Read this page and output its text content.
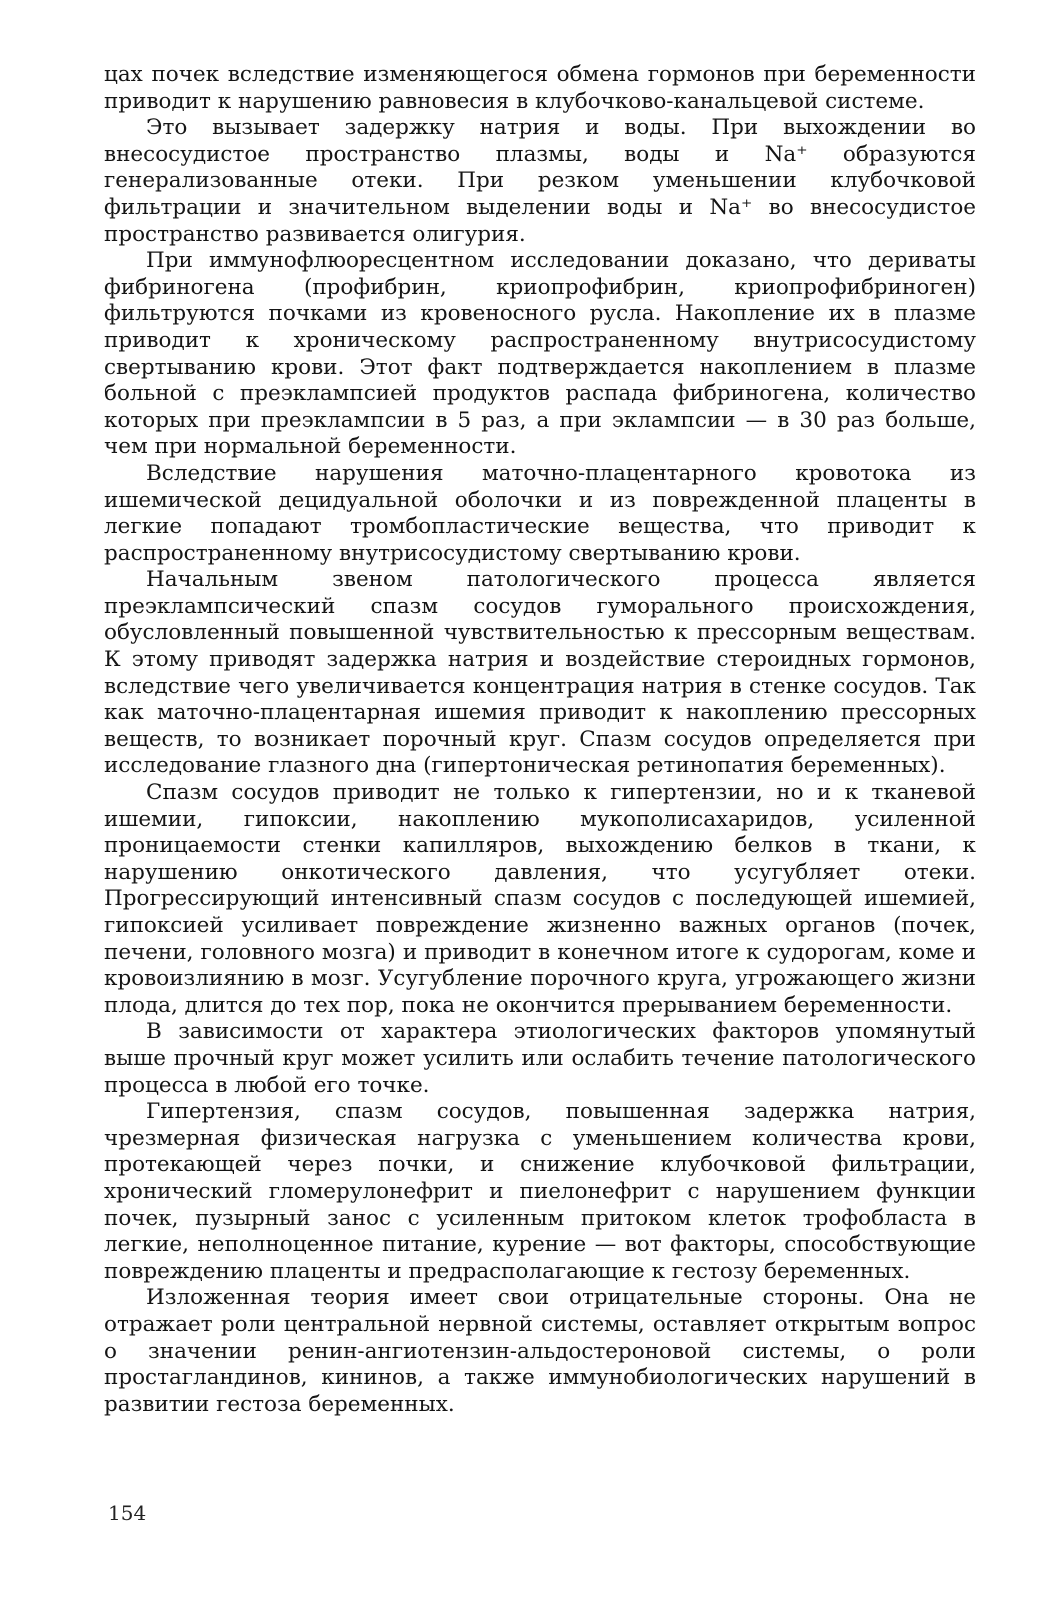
цах почек вследствие изменяющегося обмена гормонов при беременности приводит к нарушению равновесия в клубочково-канальцевой системе.

Это вызывает задержку натрия и воды. При выхождении во внесосудистое пространство плазмы, воды и Na⁺ образуются генерализованные отеки. При резком уменьшении клубочковой фильтрации и значительном выделении воды и Na⁺ во внесосудистое пространство развивается олигурия.

При иммунофлюоресцентном исследовании доказано, что дериваты фибриногена (профибрин, криопрофибрин, криопрофибриноген) фильтруются почками из кровеносного русла. Накопление их в плазме приводит к хроническому распространенному внутрисосудистому свертыванию крови. Этот факт подтверждается накоплением в плазме больной с преэклампсией продуктов распада фибриногена, количество которых при преэклампсии в 5 раз, а при эклампсии — в 30 раз больше, чем при нормальной беременности.

Вследствие нарушения маточно-плацентарного кровотока из ишемической децидуальной оболочки и из поврежденной плаценты в легкие попадают тромбопластические вещества, что приводит к распространенному внутрисосудистому свертыванию крови.

Начальным звеном патологического процесса является преэклампсический спазм сосудов гуморального происхождения, обусловленный повышенной чувствительностью к прессорным веществам. К этому приводят задержка натрия и воздействие стероидных гормонов, вследствие чего увеличивается концентрация натрия в стенке сосудов. Так как маточно-плацентарная ишемия приводит к накоплению прессорных веществ, то возникает порочный круг. Спазм сосудов определяется при исследование глазного дна (гипертоническая ретинопатия беременных).

Спазм сосудов приводит не только к гипертензии, но и к тканевой ишемии, гипоксии, накоплению мукополисахаридов, усиленной проницаемости стенки капилляров, выхождению белков в ткани, к нарушению онкотического давления, что усугубляет отеки. Прогрессирующий интенсивный спазм сосудов с последующей ишемией, гипоксией усиливает повреждение жизненно важных органов (почек, печени, головного мозга) и приводит в конечном итоге к судорогам, коме и кровоизлиянию в мозг. Усугубление порочного круга, угрожающего жизни плода, длится до тех пор, пока не окончится прерыванием беременности.

В зависимости от характера этиологических факторов упомянутый выше прочный круг может усилить или ослабить течение патологического процесса в любой его точке.

Гипертензия, спазм сосудов, повышенная задержка натрия, чрезмерная физическая нагрузка с уменьшением количества крови, протекающей через почки, и снижение клубочковой фильтрации, хронический гломерулонефрит и пиелонефрит с нарушением функции почек, пузырный занос с усиленным притоком клеток трофобласта в легкие, неполноценное питание, курение — вот факторы, способствующие повреждению плаценты и предрасполагающие к гестозу беременных.

Изложенная теория имеет свои отрицательные стороны. Она не отражает роли центральной нервной системы, оставляет открытым вопрос о значении ренин-ангиотензин-альдостероновой системы, о роли простагландинов, кининов, а также иммунобиологических нарушений в развитии гестоза беременных.

154
